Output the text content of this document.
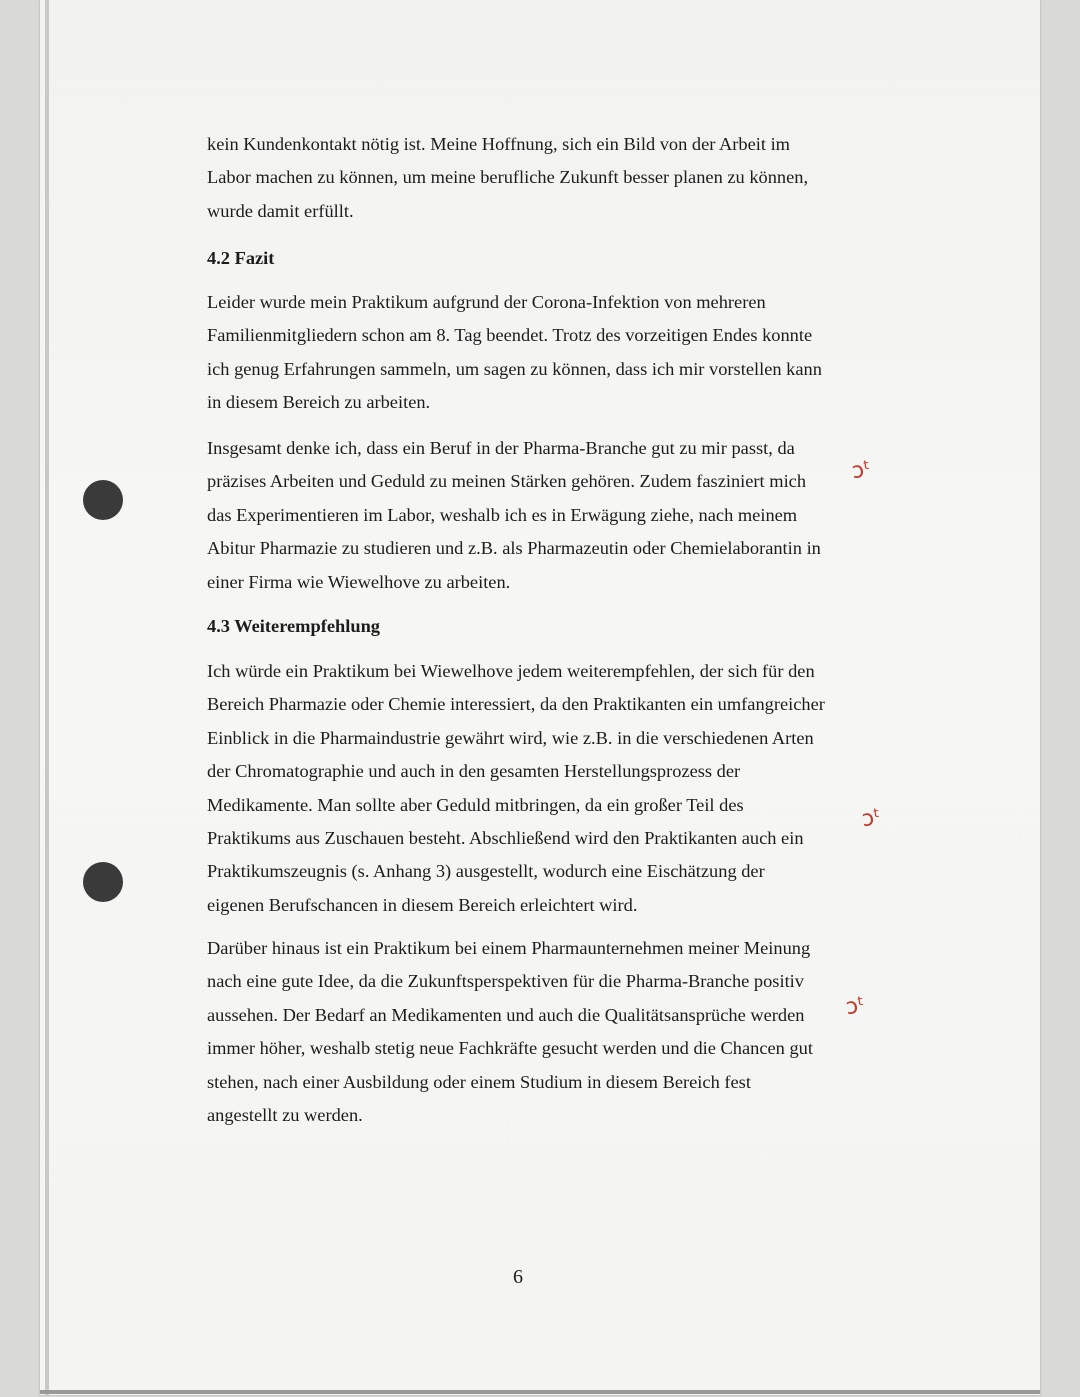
kein Kundenkontakt nötig ist. Meine Hoffnung, sich ein Bild von der Arbeit im

Labor machen zu können, um meine berufliche Zukunft besser planen zu können,

wurde damit erfüllt.

4.2 Fazit

Leider wurde mein Praktikum aufgrund der Corona-Infektion von mehreren

Familienmitgliedern schon am 8. Tag beendet. Trotz des vorzeitigen Endes konnte

ich genug Erfahrungen sammeln, um sagen zu können, dass ich mir vorstellen kann

in diesem Bereich zu arbeiten.

Insgesamt denke ich, dass ein Beruf in der Pharma-Branche gut zu mir passt, da

präzises Arbeiten und Geduld zu meinen Stärken gehören. Zudem fasziniert mich

das Experimentieren im Labor, weshalb ich es in Erwägung ziehe, nach meinem

Abitur Pharmazie zu studieren und z.B. als Pharmazeutin oder Chemielaborantin in

einer Firma wie Wiewelhove zu arbeiten.

4.3 Weiterempfehlung

Ich würde ein Praktikum bei Wiewelhove jedem weiterempfehlen, der sich für den

Bereich Pharmazie oder Chemie interessiert, da den Praktikanten ein umfangreicher

Einblick in die Pharmaindustrie gewährt wird, wie z.B. in die verschiedenen Arten

der Chromatographie und auch in den gesamten Herstellungsprozess der

Medikamente. Man sollte aber Geduld mitbringen, da ein großer Teil des

Praktikums aus Zuschauen besteht. Abschließend wird den Praktikanten auch ein

Praktikumszeugnis (s. Anhang 3) ausgestellt, wodurch eine Eischätzung der

eigenen Berufschancen in diesem Bereich erleichtert wird.

Darüber hinaus ist ein Praktikum bei einem Pharmaunternehmen meiner Meinung

nach eine gute Idee, da die Zukunftsperspektiven für die Pharma-Branche positiv

aussehen. Der Bedarf an Medikamenten und auch die Qualitätsansprüche werden

immer höher, weshalb stetig neue Fachkräfte gesucht werden und die Chancen gut

stehen, nach einer Ausbildung oder einem Studium in diesem Bereich fest

angestellt zu werden.

ↄᵗ
ↄᵗ
ↄᵗ
6
